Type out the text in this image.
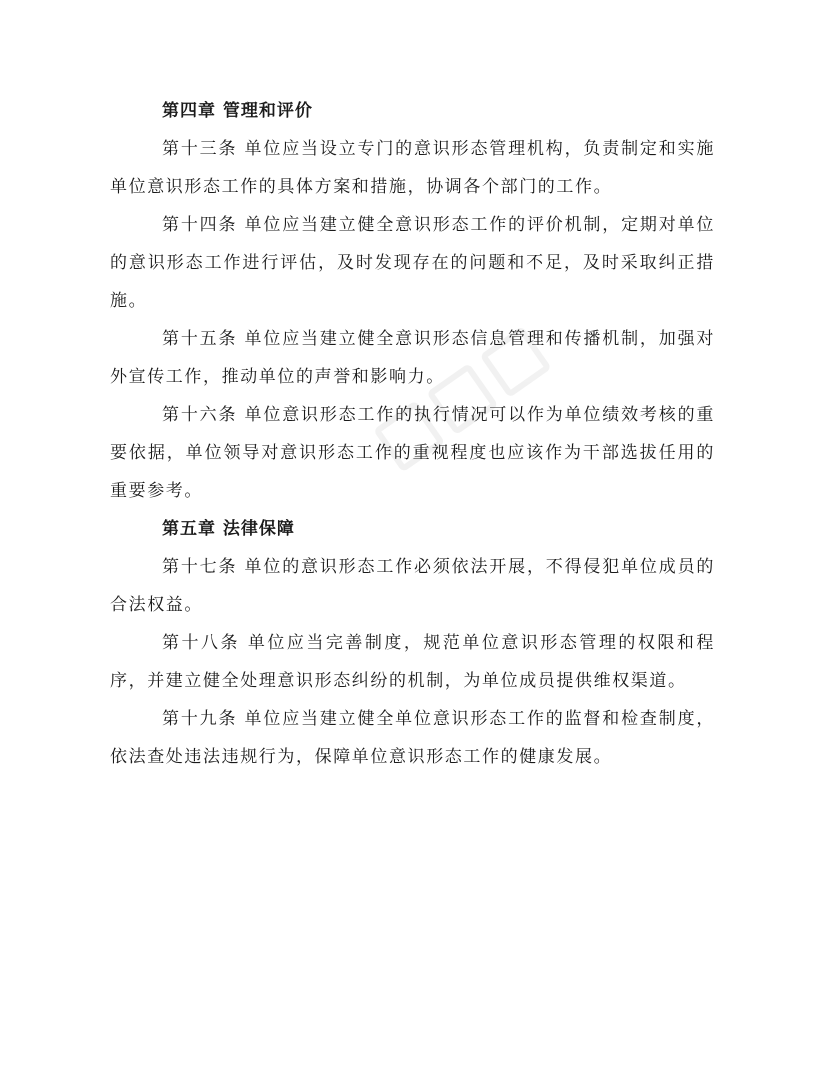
第四章 管理和评价

第十三条 单位应当设立专门的意识形态管理机构，负责制定和实施单位意识形态工作的具体方案和措施，协调各个部门的工作。

第十四条 单位应当建立健全意识形态工作的评价机制，定期对单位的意识形态工作进行评估，及时发现存在的问题和不足，及时采取纠正措施。

第十五条 单位应当建立健全意识形态信息管理和传播机制，加强对外宣传工作，推动单位的声誉和影响力。

第十六条 单位意识形态工作的执行情况可以作为单位绩效考核的重要依据，单位领导对意识形态工作的重视程度也应该作为干部选拔任用的重要参考。

第五章 法律保障

第十七条 单位的意识形态工作必须依法开展，不得侵犯单位成员的合法权益。

第十八条 单位应当完善制度，规范单位意识形态管理的权限和程序，并建立健全处理意识形态纠纷的机制，为单位成员提供维权渠道。

第十九条 单位应当建立健全单位意识形态工作的监督和检查制度，依法查处违法违规行为，保障单位意识形态工作的健康发展。
